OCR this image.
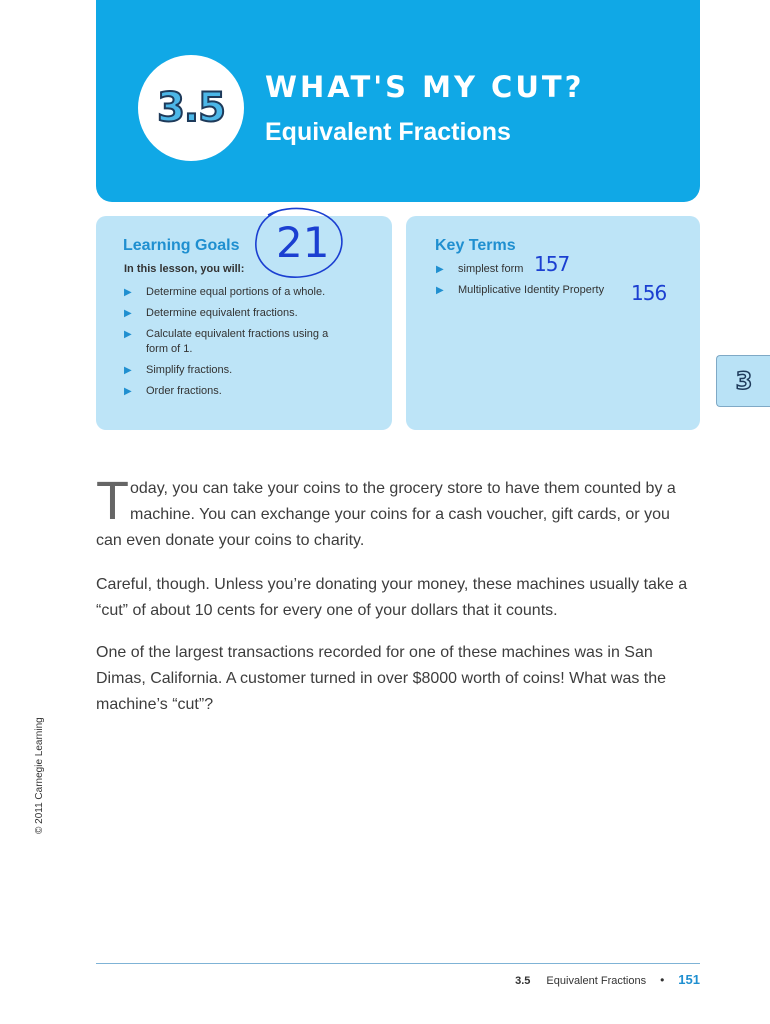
3.5 WHAT'S MY CUT?
Equivalent Fractions
Learning Goals
In this lesson, you will:
▶ Determine equal portions of a whole.
▶ Determine equivalent fractions.
▶ Calculate equivalent fractions using a form of 1.
▶ Simplify fractions.
▶ Order fractions.
Key Terms
▶ simplest form
▶ Multiplicative Identity Property
21	157
156
3

Today, you can take your coins to the grocery store to have them counted by a machine. You can exchange your coins for a cash voucher, gift cards, or you can even donate your coins to charity.

Careful, though. Unless you’re donating your money, these machines usually take a “cut” of about 10 cents for every one of your dollars that it counts.

One of the largest transactions recorded for one of these machines was in San Dimas, California. A customer turned in over $8000 worth of coins! What was the machine’s “cut”?

© 2011 Carnegie Learning
3.5 Equivalent Fractions • 151
